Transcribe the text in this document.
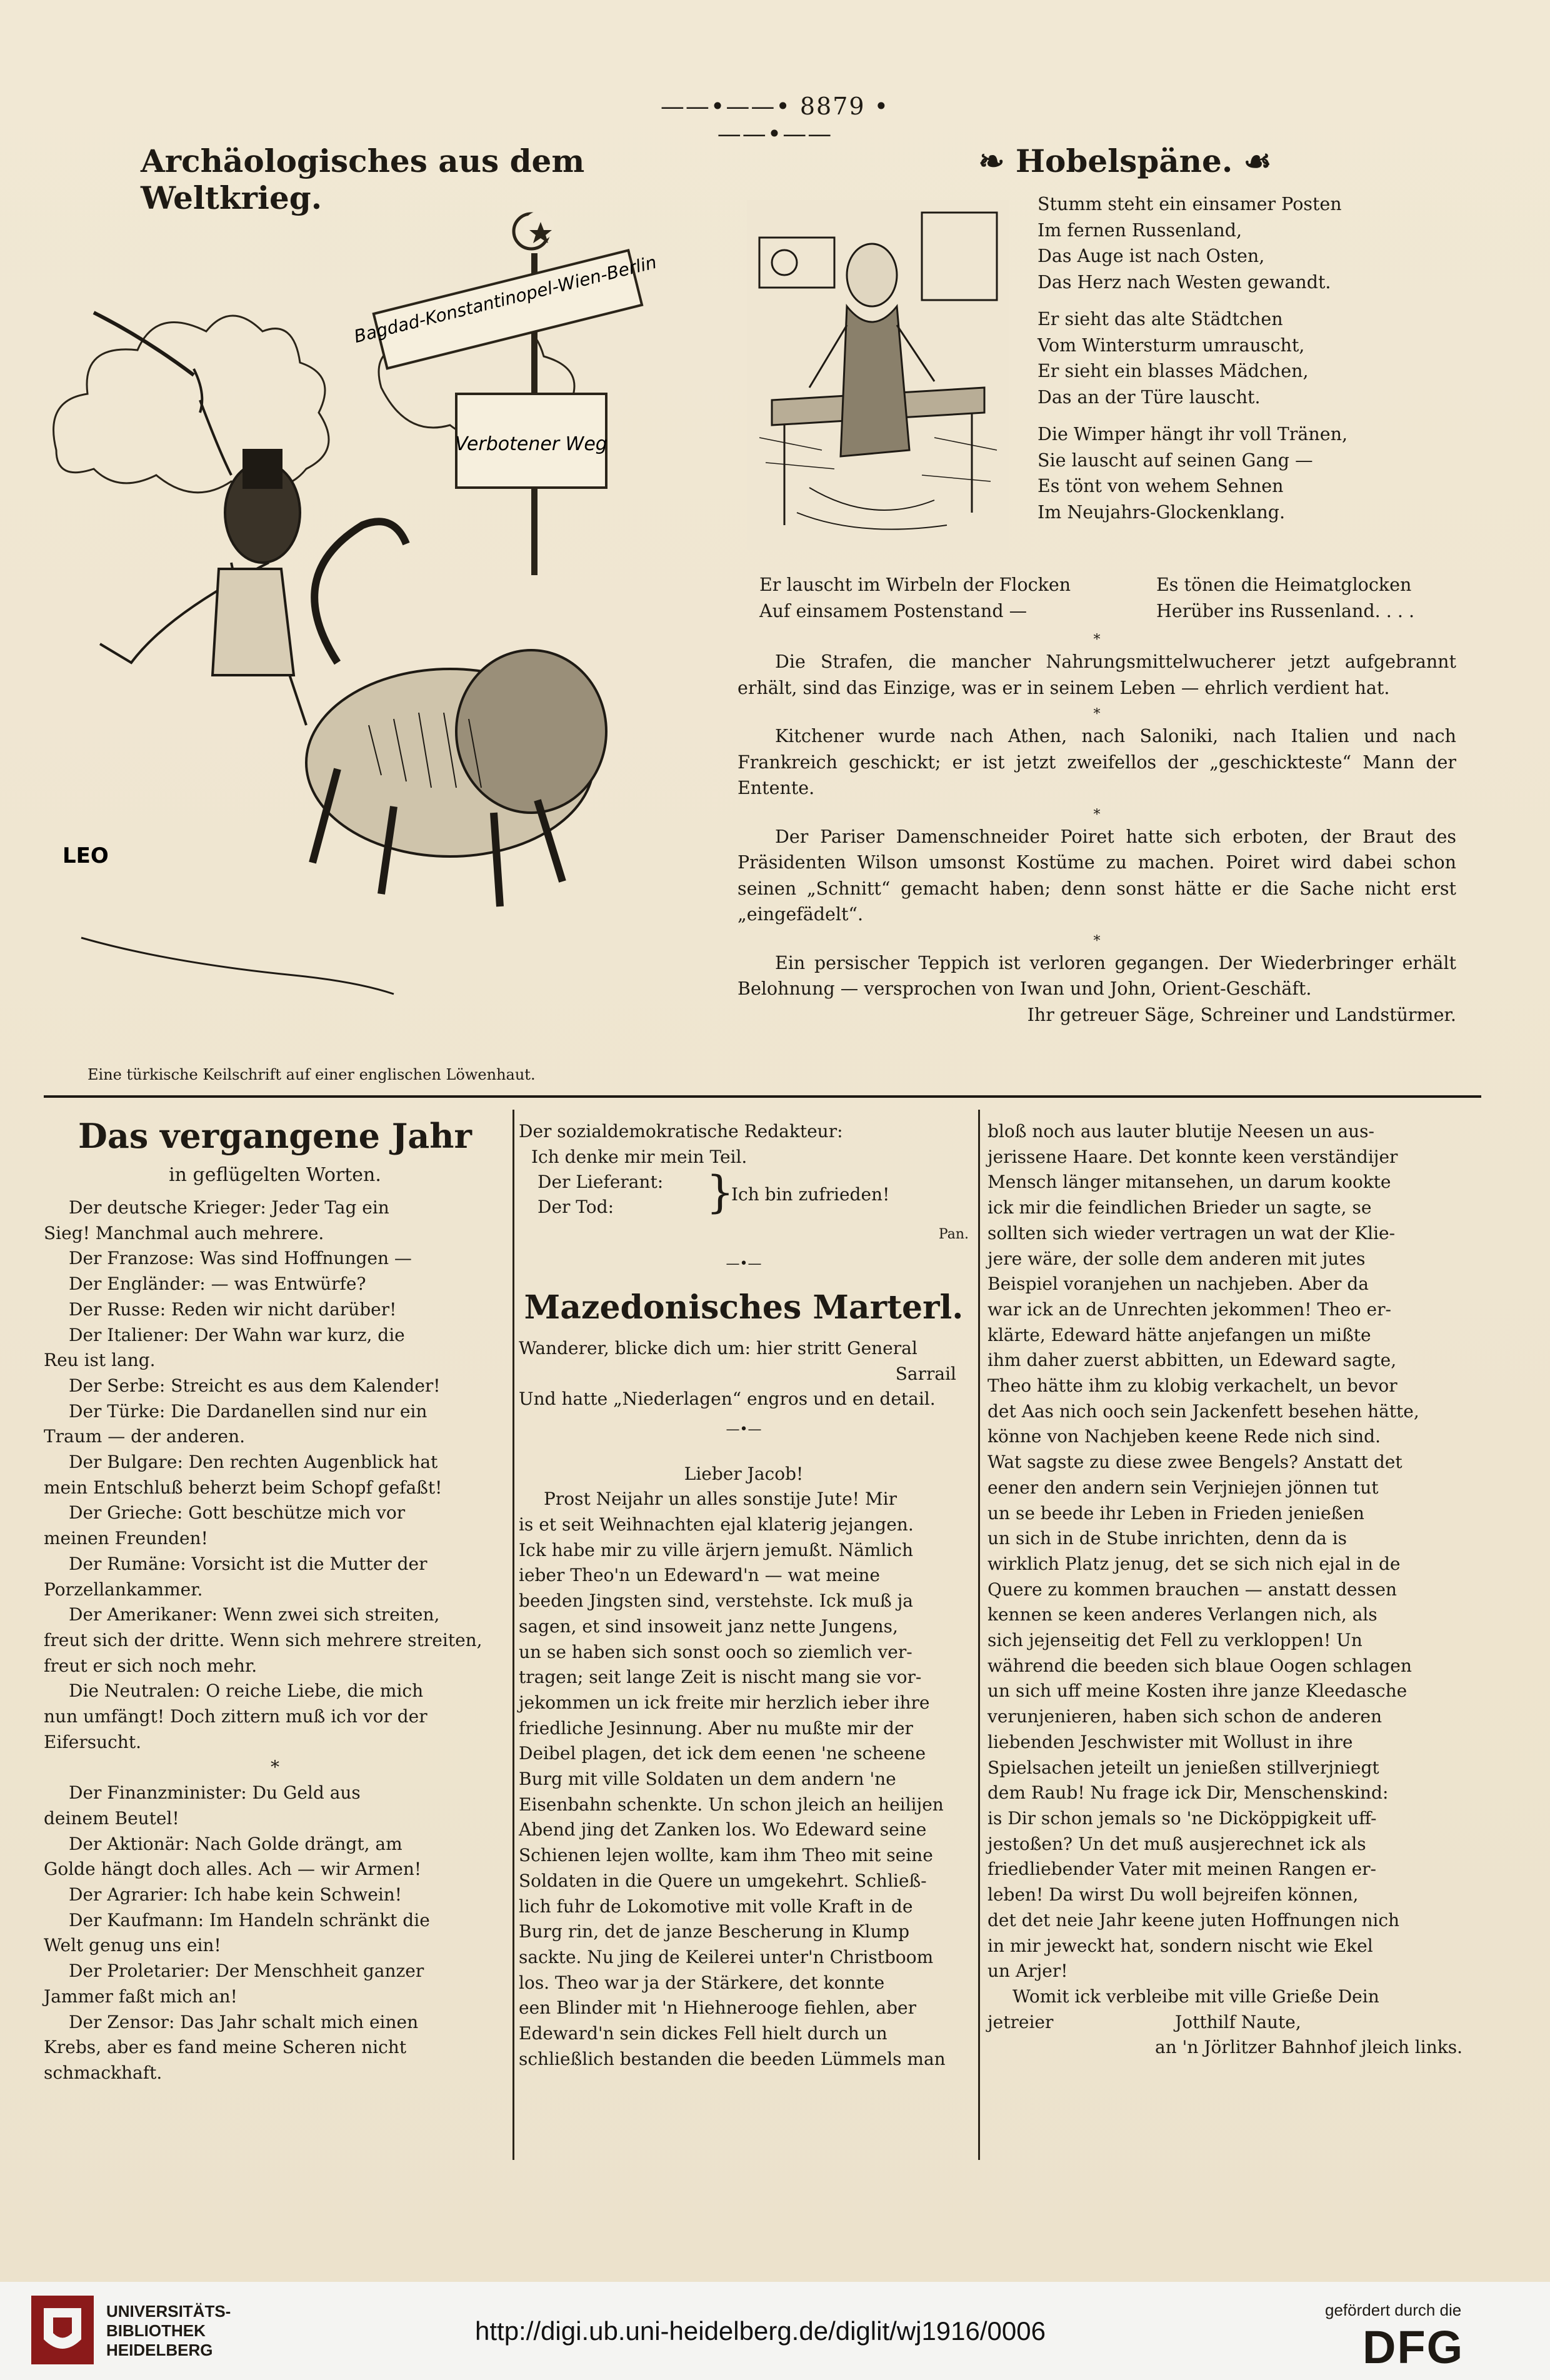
——•——• 8879 •——•——
Archäologisches aus dem Weltkrieg.
Bagdad-Konstantinopel-Wien-Berlin
Verbotener Weg
LEO
Eine türkische Keilschrift auf einer englischen Löwenhaut.
❧ Hobelspäne. ☙
Stumm steht ein einsamer Posten
Im fernen Russenland,
Das Auge ist nach Osten,
Das Herz nach Westen gewandt.
Er sieht das alte Städtchen
Vom Wintersturm umrauscht,
Er sieht ein blasses Mädchen,
Das an der Türe lauscht.
Die Wimper hängt ihr voll Tränen,
Sie lauscht auf seinen Gang —
Es tönt von wehem Sehnen
Im Neujahrs-Glockenklang.
Er lauscht im Wirbeln der Flocken
Auf einsamem Postenstand —
Es tönen die Heimatglocken
Herüber ins Russenland. . . .
*
Die Strafen, die mancher Nahrungsmittelwucherer jetzt aufgebrannt erhält, sind das Einzige, was er in seinem Leben — ehrlich verdient hat.
*
Kitchener wurde nach Athen, nach Saloniki, nach Italien und nach Frankreich geschickt; er ist jetzt zweifellos der „geschickteste“ Mann der Entente.
*
Der Pariser Damenschneider Poiret hatte sich erboten, der Braut des Präsidenten Wilson umsonst Kostüme zu machen. Poiret wird dabei schon seinen „Schnitt“ gemacht haben; denn sonst hätte er die Sache nicht erst „eingefädelt“.
*
Ein persischer Teppich ist verloren gegangen. Der Wiederbringer erhält Belohnung — versprochen von Iwan und John, Orient-Geschäft.
Ihr getreuer Säge, Schreiner und Landstürmer.
Das vergangene Jahr
in geflügelten Worten.
Der deutsche Krieger: Jeder Tag ein
Sieg! Manchmal auch mehrere.
Der Franzose: Was sind Hoffnungen —
Der Engländer: — was Entwürfe?
Der Russe: Reden wir nicht darüber!
Der Italiener: Der Wahn war kurz, die
Reu ist lang.
Der Serbe: Streicht es aus dem Kalender!
Der Türke: Die Dardanellen sind nur ein
Traum — der anderen.
Der Bulgare: Den rechten Augenblick hat
mein Entschluß beherzt beim Schopf gefaßt!
Der Grieche: Gott beschütze mich vor
meinen Freunden!
Der Rumäne: Vorsicht ist die Mutter der
Porzellankammer.
Der Amerikaner: Wenn zwei sich streiten,
freut sich der dritte. Wenn sich mehrere streiten,
freut er sich noch mehr.
Die Neutralen: O reiche Liebe, die mich
nun umfängt! Doch zittern muß ich vor der
Eifersucht.
*
Der Finanzminister: Du Geld aus
deinem Beutel!
Der Aktionär: Nach Golde drängt, am
Golde hängt doch alles. Ach — wir Armen!
Der Agrarier: Ich habe kein Schwein!
Der Kaufmann: Im Handeln schränkt die
Welt genug uns ein!
Der Proletarier: Der Menschheit ganzer
Jammer faßt mich an!
Der Zensor: Das Jahr schalt mich einen
Krebs, aber es fand meine Scheren nicht
schmackhaft.
Der sozialdemokratische Redakteur:
Ich denke mir mein Teil.
Der Lieferant:
Der Tod: }
Ich bin zufrieden!
Pan.
—•—
Mazedonisches Marterl.
Wanderer, blicke dich um: hier stritt General
Sarrail
Und hatte „Niederlagen“ engros und en detail.
—•—
Lieber Jacob!
Prost Neijahr un alles sonstije Jute! Mir
is et seit Weihnachten ejal klaterig jejangen.
Ick habe mir zu ville ärjern jemußt. Nämlich
ieber Theo'n un Edeward'n — wat meine
beeden Jingsten sind, verstehste. Ick muß ja
sagen, et sind insoweit janz nette Jungens,
un se haben sich sonst ooch so ziemlich ver-
tragen; seit lange Zeit is nischt mang sie vor-
jekommen un ick freite mir herzlich ieber ihre
friedliche Jesinnung. Aber nu mußte mir der
Deibel plagen, det ick dem eenen 'ne scheene
Burg mit ville Soldaten un dem andern 'ne
Eisenbahn schenkte. Un schon jleich an heilijen
Abend jing det Zanken los. Wo Edeward seine
Schienen lejen wollte, kam ihm Theo mit seine
Soldaten in die Quere un umgekehrt. Schließ-
lich fuhr de Lokomotive mit volle Kraft in de
Burg rin, det de janze Bescherung in Klump
sackte. Nu jing de Keilerei unter'n Christboom
los. Theo war ja der Stärkere, det konnte
een Blinder mit 'n Hiehnerooge fiehlen, aber
Edeward'n sein dickes Fell hielt durch un
schließlich bestanden die beeden Lümmels man
bloß noch aus lauter blutije Neesen un aus-
jerissene Haare. Det konnte keen verständijer
Mensch länger mitansehen, un darum kookte
ick mir die feindlichen Brieder un sagte, se
sollten sich wieder vertragen un wat der Klie-
jere wäre, der solle dem anderen mit jutes
Beispiel voranjehen un nachjeben. Aber da
war ick an de Unrechten jekommen! Theo er-
klärte, Edeward hätte anjefangen un mißte
ihm daher zuerst abbitten, un Edeward sagte,
Theo hätte ihm zu klobig verkachelt, un bevor
det Aas nich ooch sein Jackenfett besehen hätte,
könne von Nachjeben keene Rede nich sind.
Wat sagste zu diese zwee Bengels? Anstatt det
eener den andern sein Verjniejen jönnen tut
un se beede ihr Leben in Frieden jenießen
un sich in de Stube inrichten, denn da is
wirklich Platz jenug, det se sich nich ejal in de
Quere zu kommen brauchen — anstatt dessen
kennen se keen anderes Verlangen nich, als
sich jejenseitig det Fell zu verkloppen! Un
während die beeden sich blaue Oogen schlagen
un sich uff meine Kosten ihre janze Kleedasche
verunjenieren, haben sich schon de anderen
liebenden Jeschwister mit Wollust in ihre
Spielsachen jeteilt un jenießen stillverjniegt
dem Raub! Nu frage ick Dir, Menschenskind:
is Dir schon jemals so 'ne Dicköppigkeit uff-
jestoßen? Un det muß ausjerechnet ick als
friedliebender Vater mit meinen Rangen er-
leben! Da wirst Du woll bejreifen können,
det det neie Jahr keene juten Hoffnungen nich
in mir jeweckt hat, sondern nischt wie Ekel
un Arjer!
Womit ick verbleibe mit ville Grieße Dein
jetreier	Jotthilf Naute,
an 'n Jörlitzer Bahnhof jleich links.
UNIVERSITÄTS-
BIBLIOTHEK
HEIDELBERG
http://digi.ub.uni-heidelberg.de/diglit/wj1916/0006
gefördert durch die
DFG
